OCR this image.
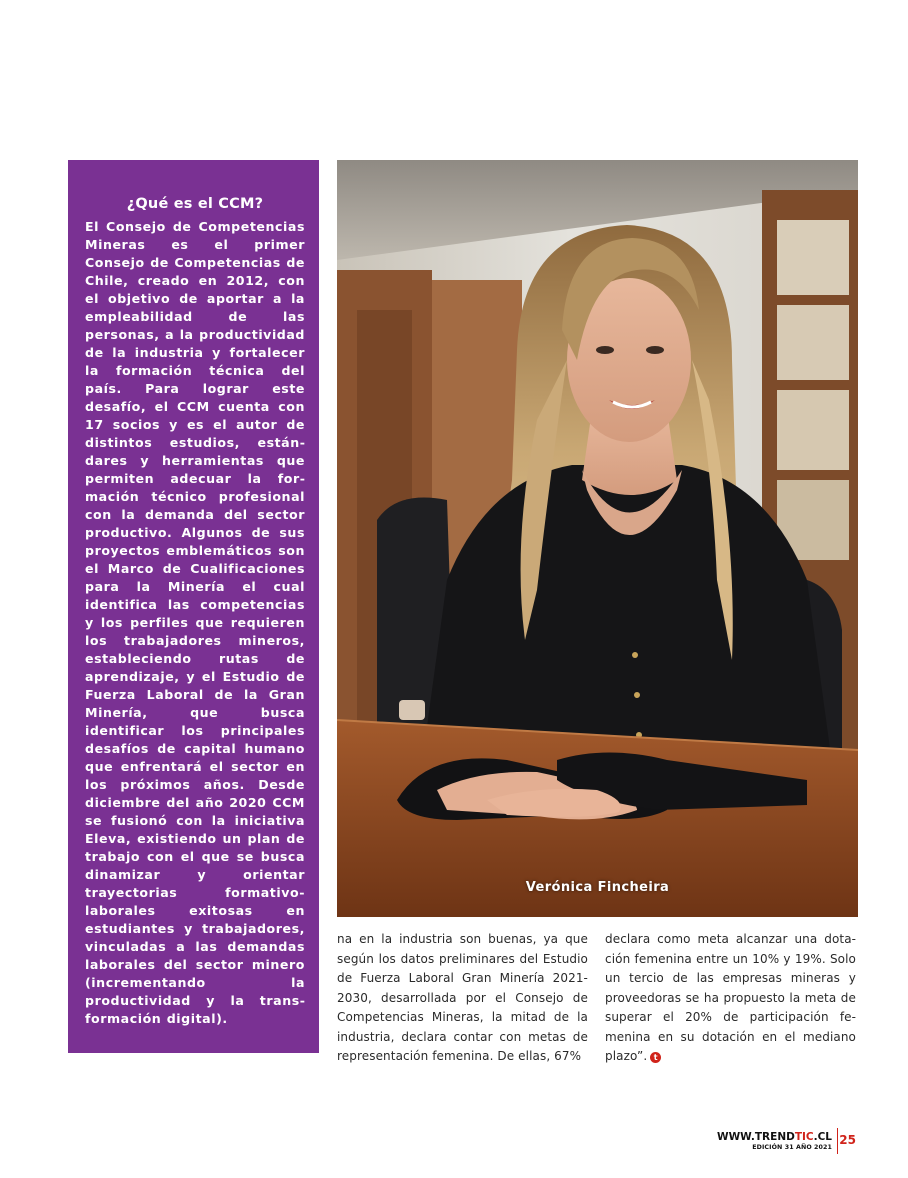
¿Qué es el CCM?

El Consejo de Competencias Mineras es el primer Consejo de Competencias de Chile, creado en 2012, con el objetivo de aportar a la empleabilidad de las personas, a la productividad de la industria y fortalecer la formación técnica del país. Para lograr este desafío, el CCM cuenta con 17 socios y es el autor de distintos estudios, estándares y herramientas que permiten adecuar la formación técnico profesional con la demanda del sector productivo. Algunos de sus proyectos emblemáticos son el Marco de Cualificaciones para la Minería el cual identifica las competencias y los perfiles que requieren los trabajadores mineros, estableciendo rutas de aprendizaje, y el Estudio de Fuerza Laboral de la Gran Minería, que busca identificar los principales desafíos de capital humano que enfrentará el sector en los próximos años. Desde diciembre del año 2020 CCM se fusionó con la iniciativa Eleva, existiendo un plan de trabajo con el que se busca dinamizar y orientar trayectorias formativo-laborales exitosas en estudiantes y trabajadores, vinculadas a las demandas laborales del sector minero (incrementando la productividad y la transformación digital).

Verónica Fincheira

na en la industria son buenas, ya que según los datos preliminares del Estudio de Fuerza Laboral Gran Minería 2021-2030, desarrollada por el Consejo de Competencias Mineras, la mitad de la industria, declara contar con metas de representación femenina. De ellas, 67%

declara como meta alcanzar una dotación femenina entre un 10% y 19%. Solo un tercio de las empresas mineras y proveedoras se ha propuesto la meta de superar el 20% de participación femenina en su dotación en el mediano plazo”. t

WWW.TRENDTIC.CL
EDICIÓN 31 AÑO 2021
25
